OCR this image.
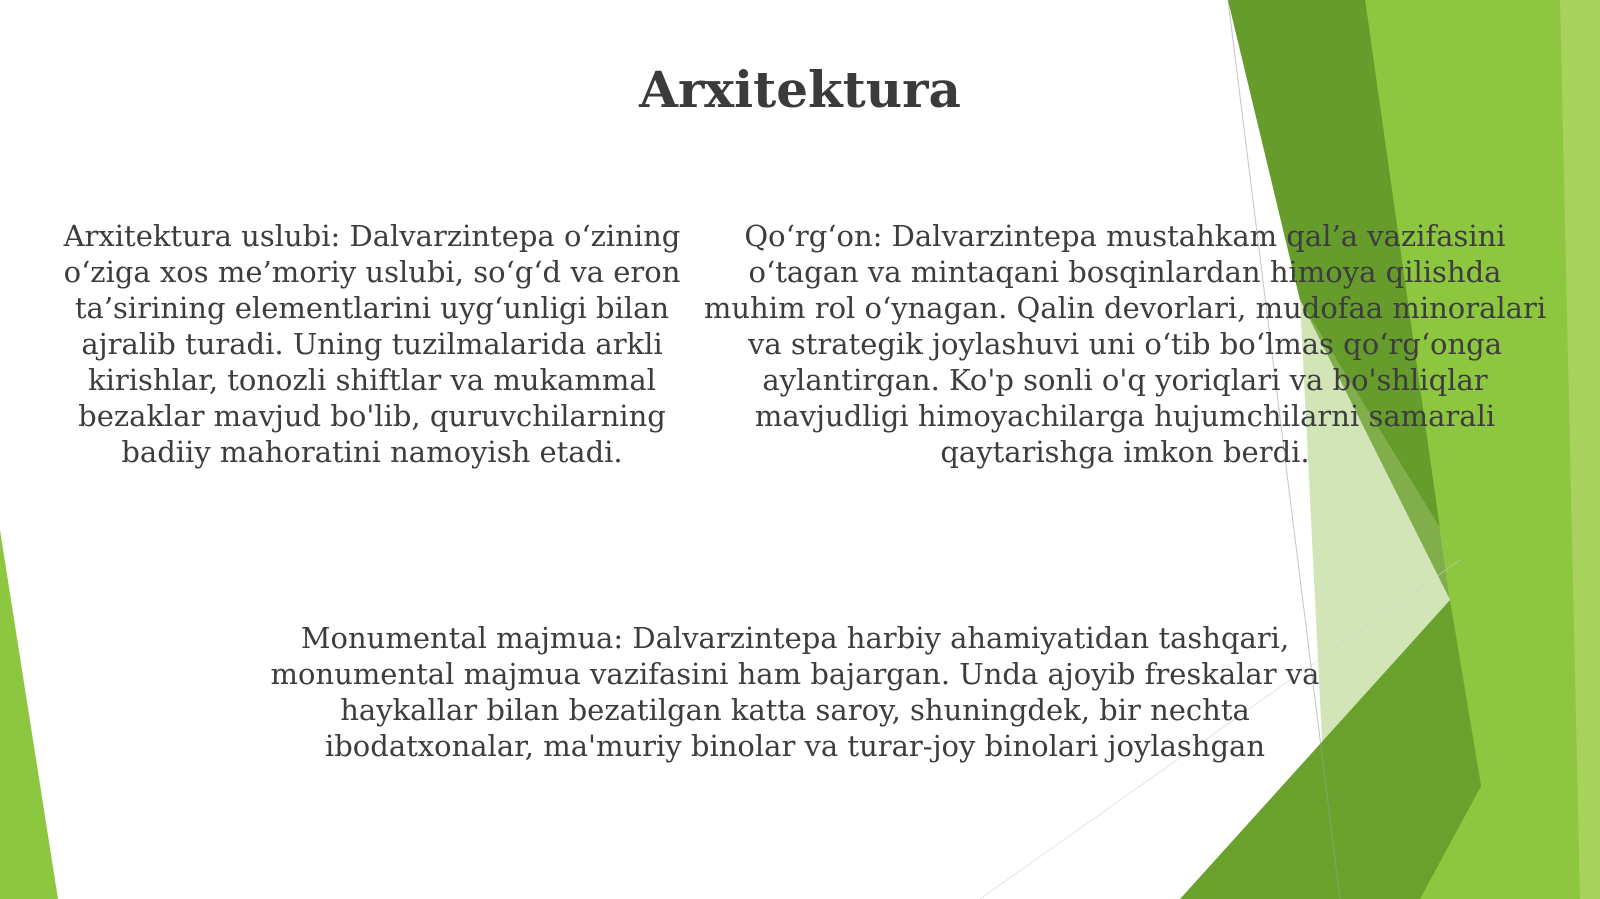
Arxitektura
Arxitektura uslubi: Dalvarzintepa o‘zining o‘ziga xos me’moriy uslubi, so‘g‘d va eron ta’sirining elementlarini uyg‘unligi bilan ajralib turadi. Uning tuzilmalarida arkli kirishlar, tonozli shiftlar va mukammal bezaklar mavjud bo'lib, quruvchilarning badiiy mahoratini namoyish etadi.
Qo‘rg‘on: Dalvarzintepa mustahkam qal’a vazifasini o‘tagan va mintaqani bosqinlardan himoya qilishda muhim rol o‘ynagan. Qalin devorlari, mudofaa minoralari va strategik joylashuvi uni o‘tib bo‘lmas qo‘rg‘onga aylantirgan. Ko'p sonli o'q yoriqlari va bo'shliqlar mavjudligi himoyachilarga hujumchilarni samarali qaytarishga imkon berdi.
Monumental majmua: Dalvarzintepa harbiy ahamiyatidan tashqari, monumental majmua vazifasini ham bajargan. Unda ajoyib freskalar va haykallar bilan bezatilgan katta saroy, shuningdek, bir nechta ibodatxonalar, ma'muriy binolar va turar-joy binolari joylashgan
